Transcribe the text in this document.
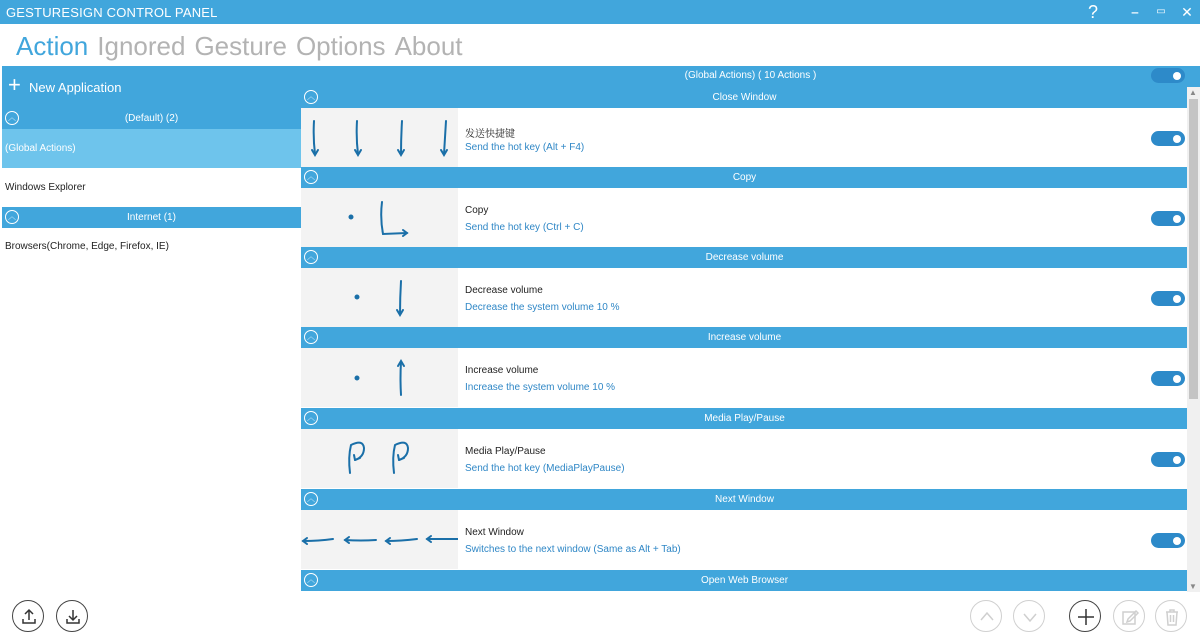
GESTURESIGN CONTROL PANEL	?	‒	▭	✕
Action Ignored Gesture Options About
+ New Application
︿	(Default) (2)
(Global Actions)
Windows Explorer
︿	Internet (1)
Browsers(Chrome, Edge, Firefox, IE)
(Global Actions) ( 10 Actions )
︿	Close Window
发送快捷键
Send the hot key (Alt + F4)
︿	Copy
Copy
Send the hot key (Ctrl + C)
︿	Decrease volume
Decrease volume
Decrease the system volume 10 %
︿	Increase volume
Increase volume
Increase the system volume 10 %
︿	Media Play/Pause
Media Play/Pause
Send the hot key (MediaPlayPause)
︿	Next Window
Next Window
Switches to the next window (Same as Alt + Tab)
︿	Open Web Browser
▲
▼
